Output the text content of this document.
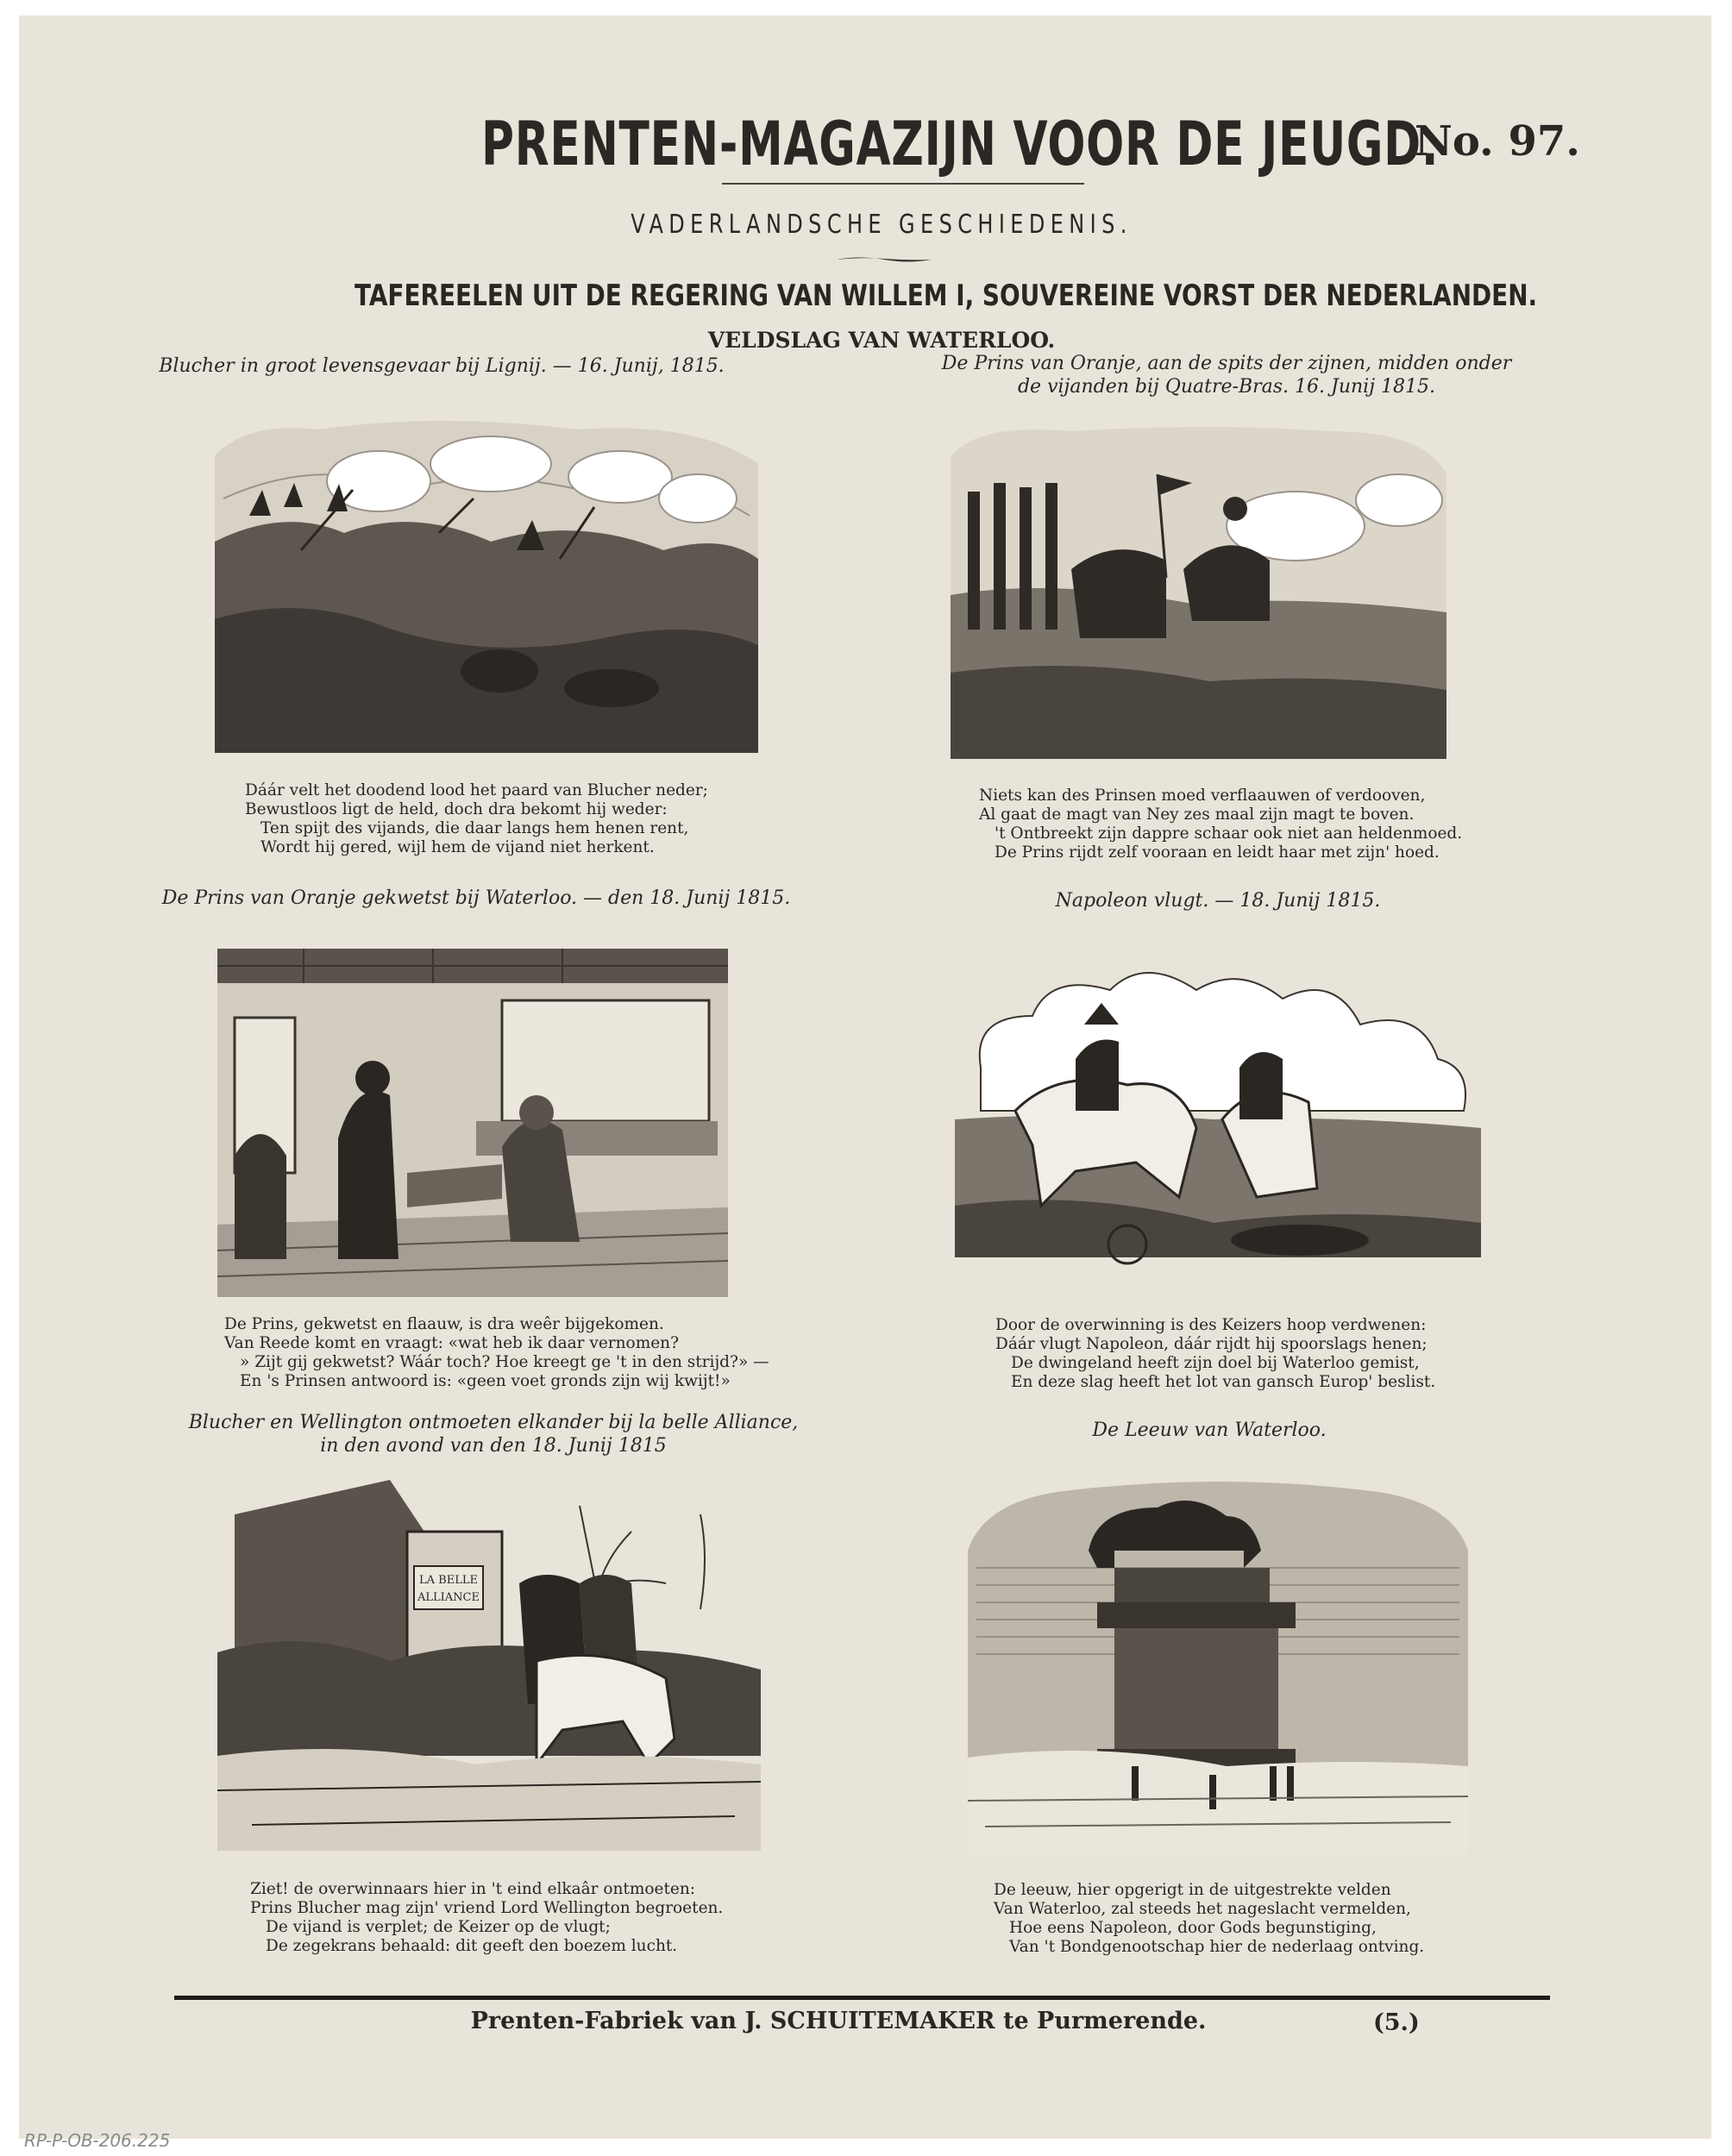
PRENTEN-MAGAZIJN VOOR DE JEUGD.
No. 97.
VADERLANDSCHE GESCHIEDENIS.
TAFEREELEN UIT DE REGERING VAN WILLEM I, SOUVEREINE VORST DER NEDERLANDEN.
VELDSLAG VAN WATERLOO.
Blucher in groot levensgevaar bij Lignij. — 16. Junij, 1815.
Dáár velt het doodend lood het paard van Blucher neder;
Bewustloos ligt de held, doch dra bekomt hij weder:
Ten spijt des vijands, die daar langs hem henen rent,
Wordt hij gered, wijl hem de vijand niet herkent.
De Prins van Oranje, aan de spits der zijnen, midden onder
de vijanden bij Quatre-Bras. 16. Junij 1815.
Niets kan des Prinsen moed verflaauwen of verdooven,
Al gaat de magt van Ney zes maal zijn magt te boven.
't Ontbreekt zijn dappre schaar ook niet aan heldenmoed.
De Prins rijdt zelf vooraan en leidt haar met zijn' hoed.
De Prins van Oranje gekwetst bij Waterloo. — den 18. Junij 1815.
De Prins, gekwetst en flaauw, is dra weêr bijgekomen.
Van Reede komt en vraagt: «wat heb ik daar vernomen?
» Zijt gij gekwetst? Wáár toch? Hoe kreegt ge 't in den strijd?» —
En 's Prinsen antwoord is: «geen voet gronds zijn wij kwijt!»
Napoleon vlugt. — 18. Junij 1815.
Door de overwinning is des Keizers hoop verdwenen:
Dáár vlugt Napoleon, dáár rijdt hij spoorslags henen;
De dwingeland heeft zijn doel bij Waterloo gemist,
En deze slag heeft het lot van gansch Europ' beslist.
Blucher en Wellington ontmoeten elkander bij la belle Alliance,
in den avond van den 18. Junij 1815
LA BELLE
ALLIANCE
Ziet! de overwinnaars hier in 't eind elkaâr ontmoeten:
Prins Blucher mag zijn' vriend Lord Wellington begroeten.
De vijand is verplet; de Keizer op de vlugt;
De zegekrans behaald: dit geeft den boezem lucht.
De Leeuw van Waterloo.
De leeuw, hier opgerigt in de uitgestrekte velden
Van Waterloo, zal steeds het nageslacht vermelden,
Hoe eens Napoleon, door Gods begunstiging,
Van 't Bondgenootschap hier de nederlaag ontving.
Prenten-Fabriek van J. SCHUITEMAKER te Purmerende.	(5.)
RP-P-OB-206.225
